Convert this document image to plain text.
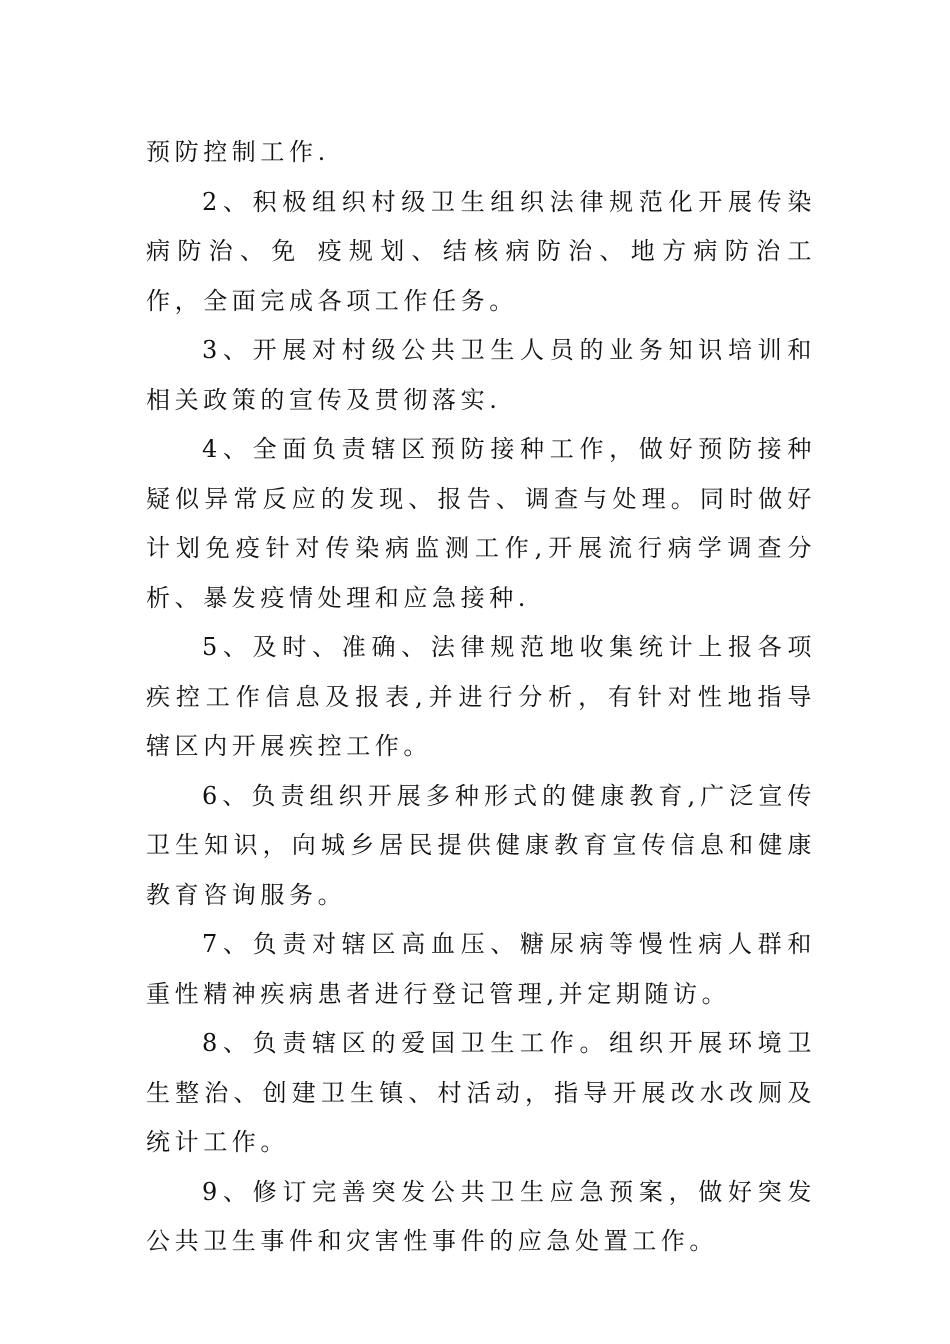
预防控制工作.

2、积极组织村级卫生组织法律规范化开展传染病防治、免 疫规划、结核病防治、地方病防治工作，全面完成各项工作任务。

3、开展对村级公共卫生人员的业务知识培训和相关政策的宣传及贯彻落实.

4、全面负责辖区预防接种工作，做好预防接种疑似异常反应的发现、报告、调查与处理。同时做好计划免疫针对传染病监测工作,开展流行病学调查分析、暴发疫情处理和应急接种.

5、及时、准确、法律规范地收集统计上报各项疾控工作信息及报表,并进行分析，有针对性地指导辖区内开展疾控工作。

6、负责组织开展多种形式的健康教育,广泛宣传卫生知识，向城乡居民提供健康教育宣传信息和健康教育咨询服务。

7、负责对辖区高血压、糖尿病等慢性病人群和重性精神疾病患者进行登记管理,并定期随访。

8、负责辖区的爱国卫生工作。组织开展环境卫生整治、创建卫生镇、村活动，指导开展改水改厕及统计工作。

9、修订完善突发公共卫生应急预案，做好突发公共卫生事件和灾害性事件的应急处置工作。
